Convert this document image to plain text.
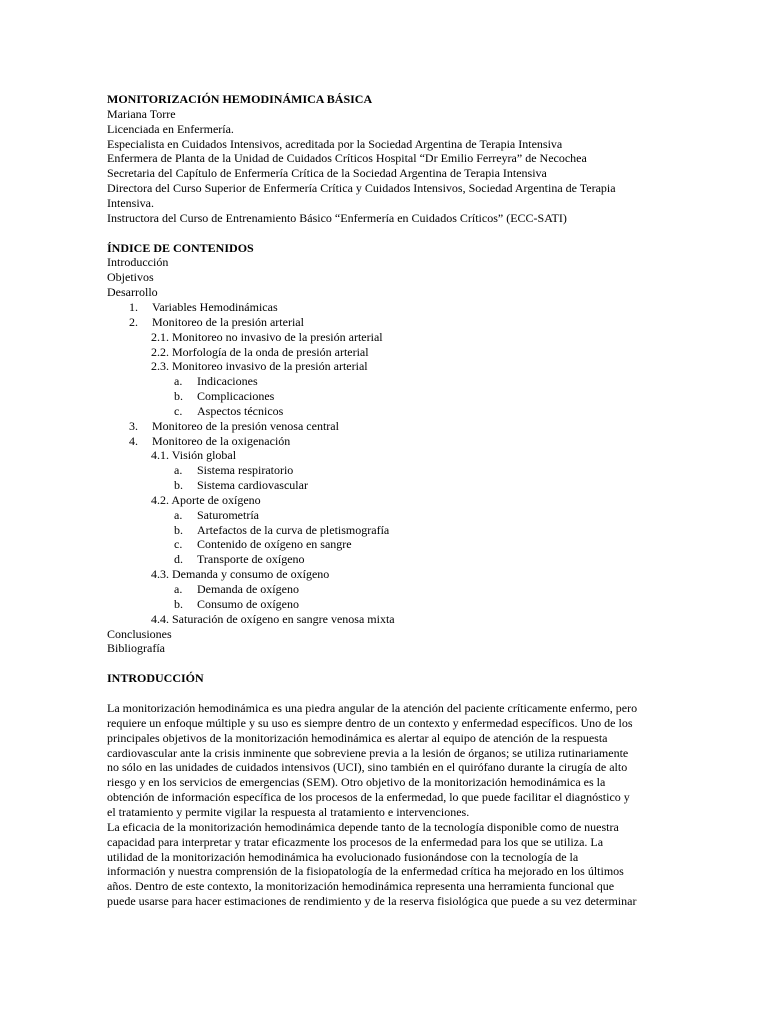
MONITORIZACIÓN HEMODINÁMICA BÁSICA
Mariana Torre
Licenciada en Enfermería.
Especialista en Cuidados Intensivos, acreditada por la Sociedad Argentina de Terapia Intensiva
Enfermera de Planta de la Unidad de Cuidados Críticos Hospital “Dr Emilio Ferreyra” de Necochea
Secretaria del Capítulo de Enfermería Crítica de la Sociedad Argentina de Terapia Intensiva
Directora del Curso Superior de Enfermería Crítica y Cuidados Intensivos, Sociedad Argentina de Terapia
Intensiva.
Instructora del Curso de Entrenamiento Básico “Enfermería en Cuidados Críticos” (ECC-SATI)
ÍNDICE DE CONTENIDOS
Introducción
Objetivos
Desarrollo
1.	Variables Hemodinámicas
2.	Monitoreo de la presión arterial
2.1. Monitoreo no invasivo de la presión arterial
2.2. Morfología de la onda de presión arterial
2.3. Monitoreo invasivo de la presión arterial
a.	Indicaciones
b.	Complicaciones
c.	Aspectos técnicos
3.	Monitoreo de la presión venosa central
4.	Monitoreo de la oxigenación
4.1. Visión global
a.	Sistema respiratorio
b.	Sistema cardiovascular
4.2. Aporte de oxígeno
a.	Saturometría
b.	Artefactos de la curva de pletismografía
c.	Contenido de oxígeno en sangre
d.	Transporte de oxígeno
4.3. Demanda y consumo de oxígeno
a.	Demanda de oxígeno
b.	Consumo de oxígeno
4.4. Saturación de oxígeno en sangre venosa mixta
Conclusiones
Bibliografía
INTRODUCCIÓN
La monitorización hemodinámica es una piedra angular de la atención del paciente críticamente enfermo, pero
requiere un enfoque múltiple y su uso es siempre dentro de un contexto y enfermedad específicos. Uno de los
principales objetivos de la monitorización hemodinámica es alertar al equipo de atención de la respuesta
cardiovascular ante la crisis inminente que sobreviene previa a la lesión de órganos; se utiliza rutinariamente
no sólo en las unidades de cuidados intensivos (UCI), sino también en el quirófano durante la cirugía de alto
riesgo y en los servicios de emergencias (SEM). Otro objetivo de la monitorización hemodinámica es la
obtención de información específica de los procesos de la enfermedad, lo que puede facilitar el diagnóstico y
el tratamiento y permite vigilar la respuesta al tratamiento e intervenciones.
La eficacia de la monitorización hemodinámica depende tanto de la tecnología disponible como de nuestra
capacidad para interpretar y tratar eficazmente los procesos de la enfermedad para los que se utiliza. La
utilidad de la monitorización hemodinámica ha evolucionado fusionándose con la tecnología de la
información y nuestra comprensión de la fisiopatología de la enfermedad crítica ha mejorado en los últimos
años. Dentro de este contexto, la monitorización hemodinámica representa una herramienta funcional que
puede usarse para hacer estimaciones de rendimiento y de la reserva fisiológica que puede a su vez determinar
